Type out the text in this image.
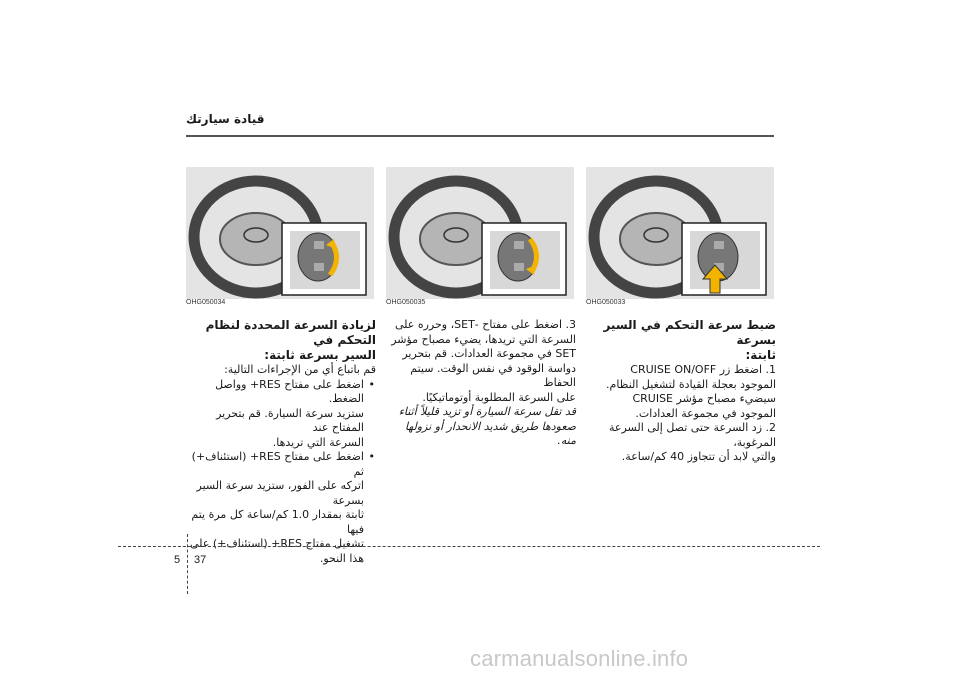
قيادة سيارتك
OHG050034	OHG050035	OHG050033

ضبط سرعة التحكم في السير بسرعة

ثابتة:

1. اضغط زر CRUISE ON/OFF

الموجود بعجلة القيادة لتشغيل النظام.

سيضيء مصباح مؤشر CRUISE

الموجود في مجموعة العدادات.

2. زد السرعة حتى تصل إلى السرعة المرغوبة،

والتي لابد أن تتجاوز 40 كم/ساعة.

3. اضغط على مفتاح -SET، وحرره على

السرعة التي تريدها، يضيء مصباح مؤشر

SET في مجموعة العدادات. قم بتحرير

دواسة الوقود في نفس الوقت. سيتم الحفاظ

على السرعة المطلوبة أوتوماتيكيًا.

قد تقل سرعة السيارة أو تزيد قليلاً أثناء

صعودها طريق شديد الانحدار أو نزولها منه.

لزيادة السرعة المحددة لنظام التحكم في

السير بسرعة ثابتة:

قم باتباع أي من الإجراءات التالية:

• اضغط على مفتاح RES+ وواصل الضغط.

ستزيد سرعة السيارة. قم بتحرير المفتاح عند

السرعة التي تريدها.

• اضغط على مفتاح RES+ (استئناف+) ثم

اتركه على الفور، ستزيد سرعة السير بسرعة

ثابتة بمقدار 1.0 كم/ساعة كل مرة يتم فيها

تشغيل مفتاح RES+ (استئناف+) على

هذا النحو.

5 37
carmanualsonline.info
